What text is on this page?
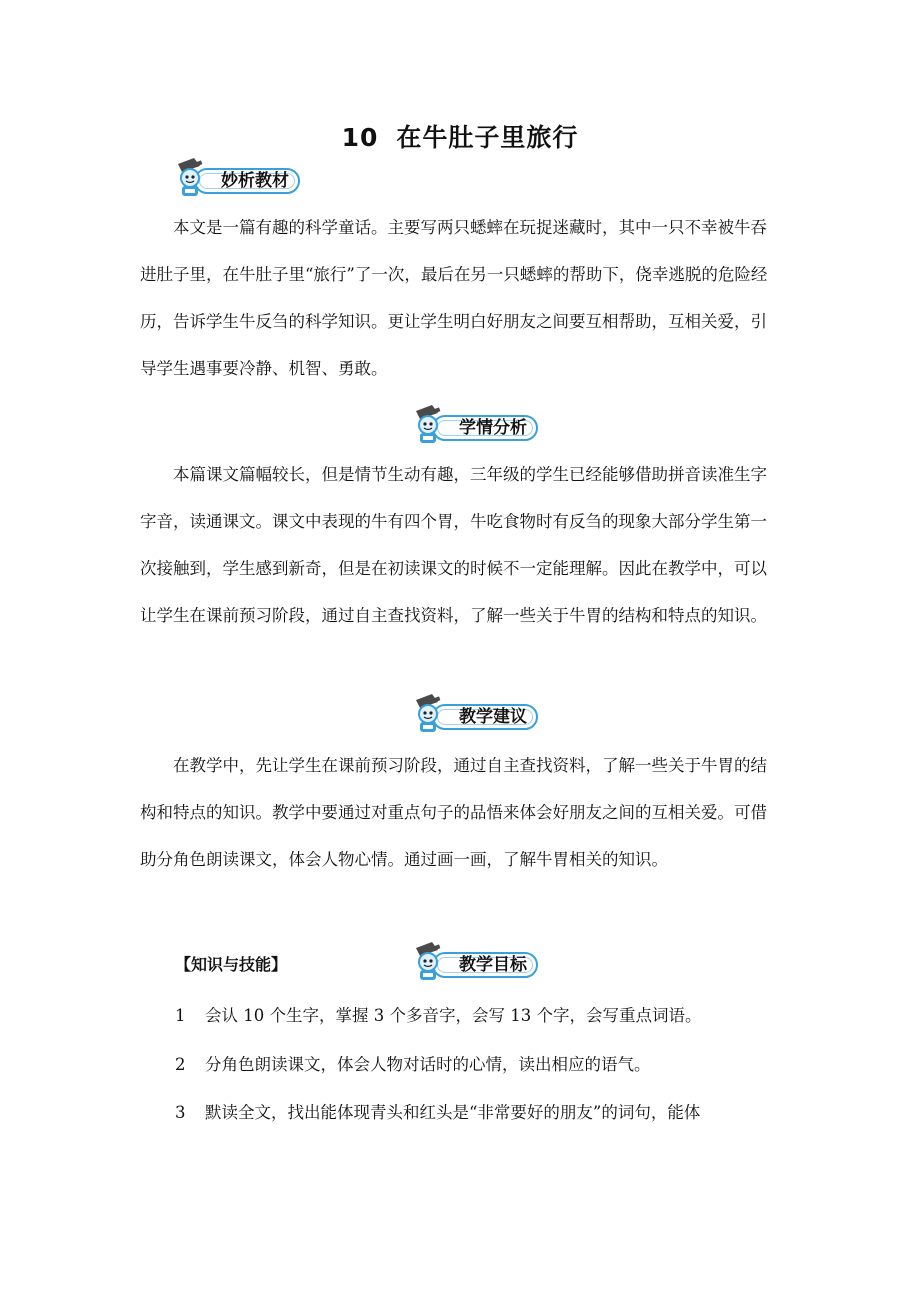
10 在牛肚子里旅行
妙析教材

本文是一篇有趣的科学童话。主要写两只蟋蟀在玩捉迷藏时，其中一只不幸被牛吞进肚子里，在牛肚子里“旅行”了一次，最后在另一只蟋蟀的帮助下，侥幸逃脱的危险经历，告诉学生牛反刍的科学知识。更让学生明白好朋友之间要互相帮助，互相关爱，引导学生遇事要冷静、机智、勇敢。

学情分析

本篇课文篇幅较长，但是情节生动有趣，三年级的学生已经能够借助拼音读准生字字音，读通课文。课文中表现的牛有四个胃，牛吃食物时有反刍的现象大部分学生第一次接触到，学生感到新奇，但是在初读课文的时候不一定能理解。因此在教学中，可以让学生在课前预习阶段，通过自主查找资料，了解一些关于牛胃的结构和特点的知识。

教学建议

在教学中，先让学生在课前预习阶段，通过自主查找资料，了解一些关于牛胃的结构和特点的知识。教学中要通过对重点句子的品悟来体会好朋友之间的互相关爱。可借助分角色朗读课文，体会人物心情。通过画一画，了解牛胃相关的知识。

【知识与技能】	教学目标
1 会认 10 个生字，掌握 3 个多音字，会写 13 个字，会写重点词语。
2 分角色朗读课文，体会人物对话时的心情，读出相应的语气。
3 默读全文，找出能体现青头和红头是“非常要好的朋友”的词句，能体
